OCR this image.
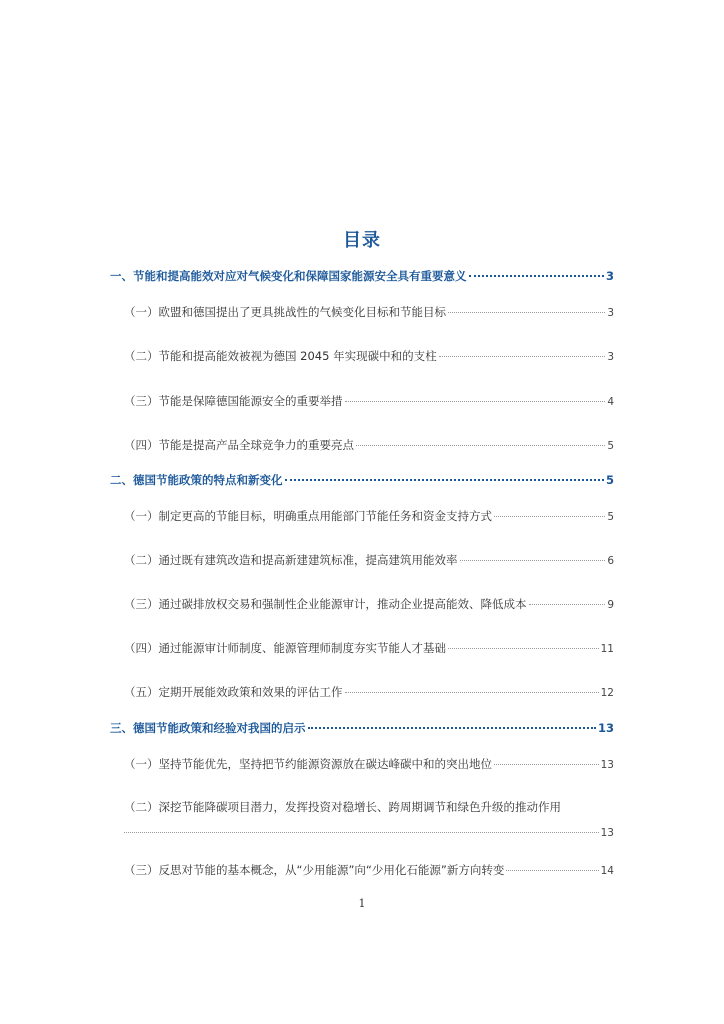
目录
一、节能和提高能效对应对气候变化和保障国家能源安全具有重要意义	3
（一）欧盟和德国提出了更具挑战性的气候变化目标和节能目标	3
（二）节能和提高能效被视为德国 2045 年实现碳中和的支柱	3
（三）节能是保障德国能源安全的重要举措	4
（四）节能是提高产品全球竞争力的重要亮点	5
二、德国节能政策的特点和新变化	5
（一）制定更高的节能目标，明确重点用能部门节能任务和资金支持方式	5
（二）通过既有建筑改造和提高新建建筑标准，提高建筑用能效率	6
（三）通过碳排放权交易和强制性企业能源审计，推动企业提高能效、降低成本	9
（四）通过能源审计师制度、能源管理师制度夯实节能人才基础	11
（五）定期开展能效政策和效果的评估工作	12
三、德国节能政策和经验对我国的启示	13
（一）坚持节能优先，坚持把节约能源资源放在碳达峰碳中和的突出地位	13
（二）深挖节能降碳项目潜力，发挥投资对稳增长、跨周期调节和绿色升级的推动作用
13
（三）反思对节能的基本概念，从“少用能源”向“少用化石能源”新方向转变	14
1
